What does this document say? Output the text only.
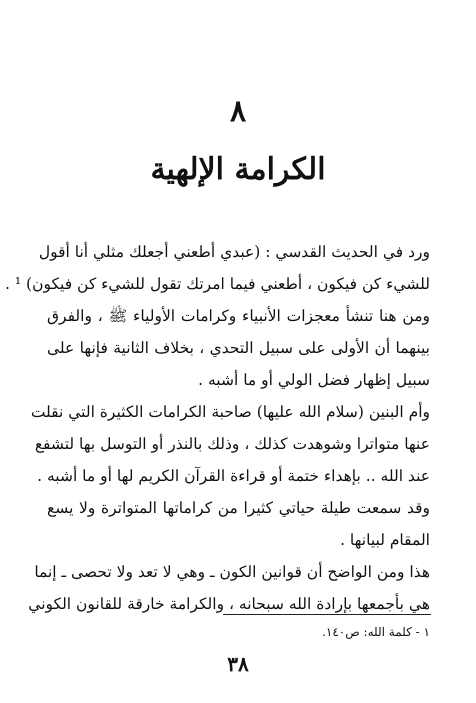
٨
الكرامة الإلهية
ورد في الحديث القدسي : (عبدي أطعني أجعلك مثلي أنا أقول
للشيء كن فيكون ، أطعني فيما امرتك تقول للشيء كن فيكون) ¹ .
ومن هنا تنشأ معجزات الأنبياء وكرامات الأولياء ﷺ ، والفرق
بينهما أن الأولى على سبيل التحدي ، بخلاف الثانية فإنها على
سبيل إظهار فضل الولي أو ما أشبه .
وأم البنين (سلام الله عليها) صاحبة الكرامات الكثيرة التي نقلت
عنها متواترا وشوهدت كذلك ، وذلك بالنذر أو التوسل بها لتشفع
عند الله .. بإهداء ختمة أو قراءة القرآن الكريم لها أو ما أشبه .
وقد سمعت طيلة حياتي كثيرا من كراماتها المتواترة ولا يسع
المقام لبيانها .
هذا ومن الواضح أن قوانين الكون ـ وهي لا تعد ولا تحصى ـ إنما
هي بأجمعها بإرادة الله سبحانه ، والكرامة خارقة للقانون الكوني
١ - كلمة الله: ص١٤٠.
٣٨
